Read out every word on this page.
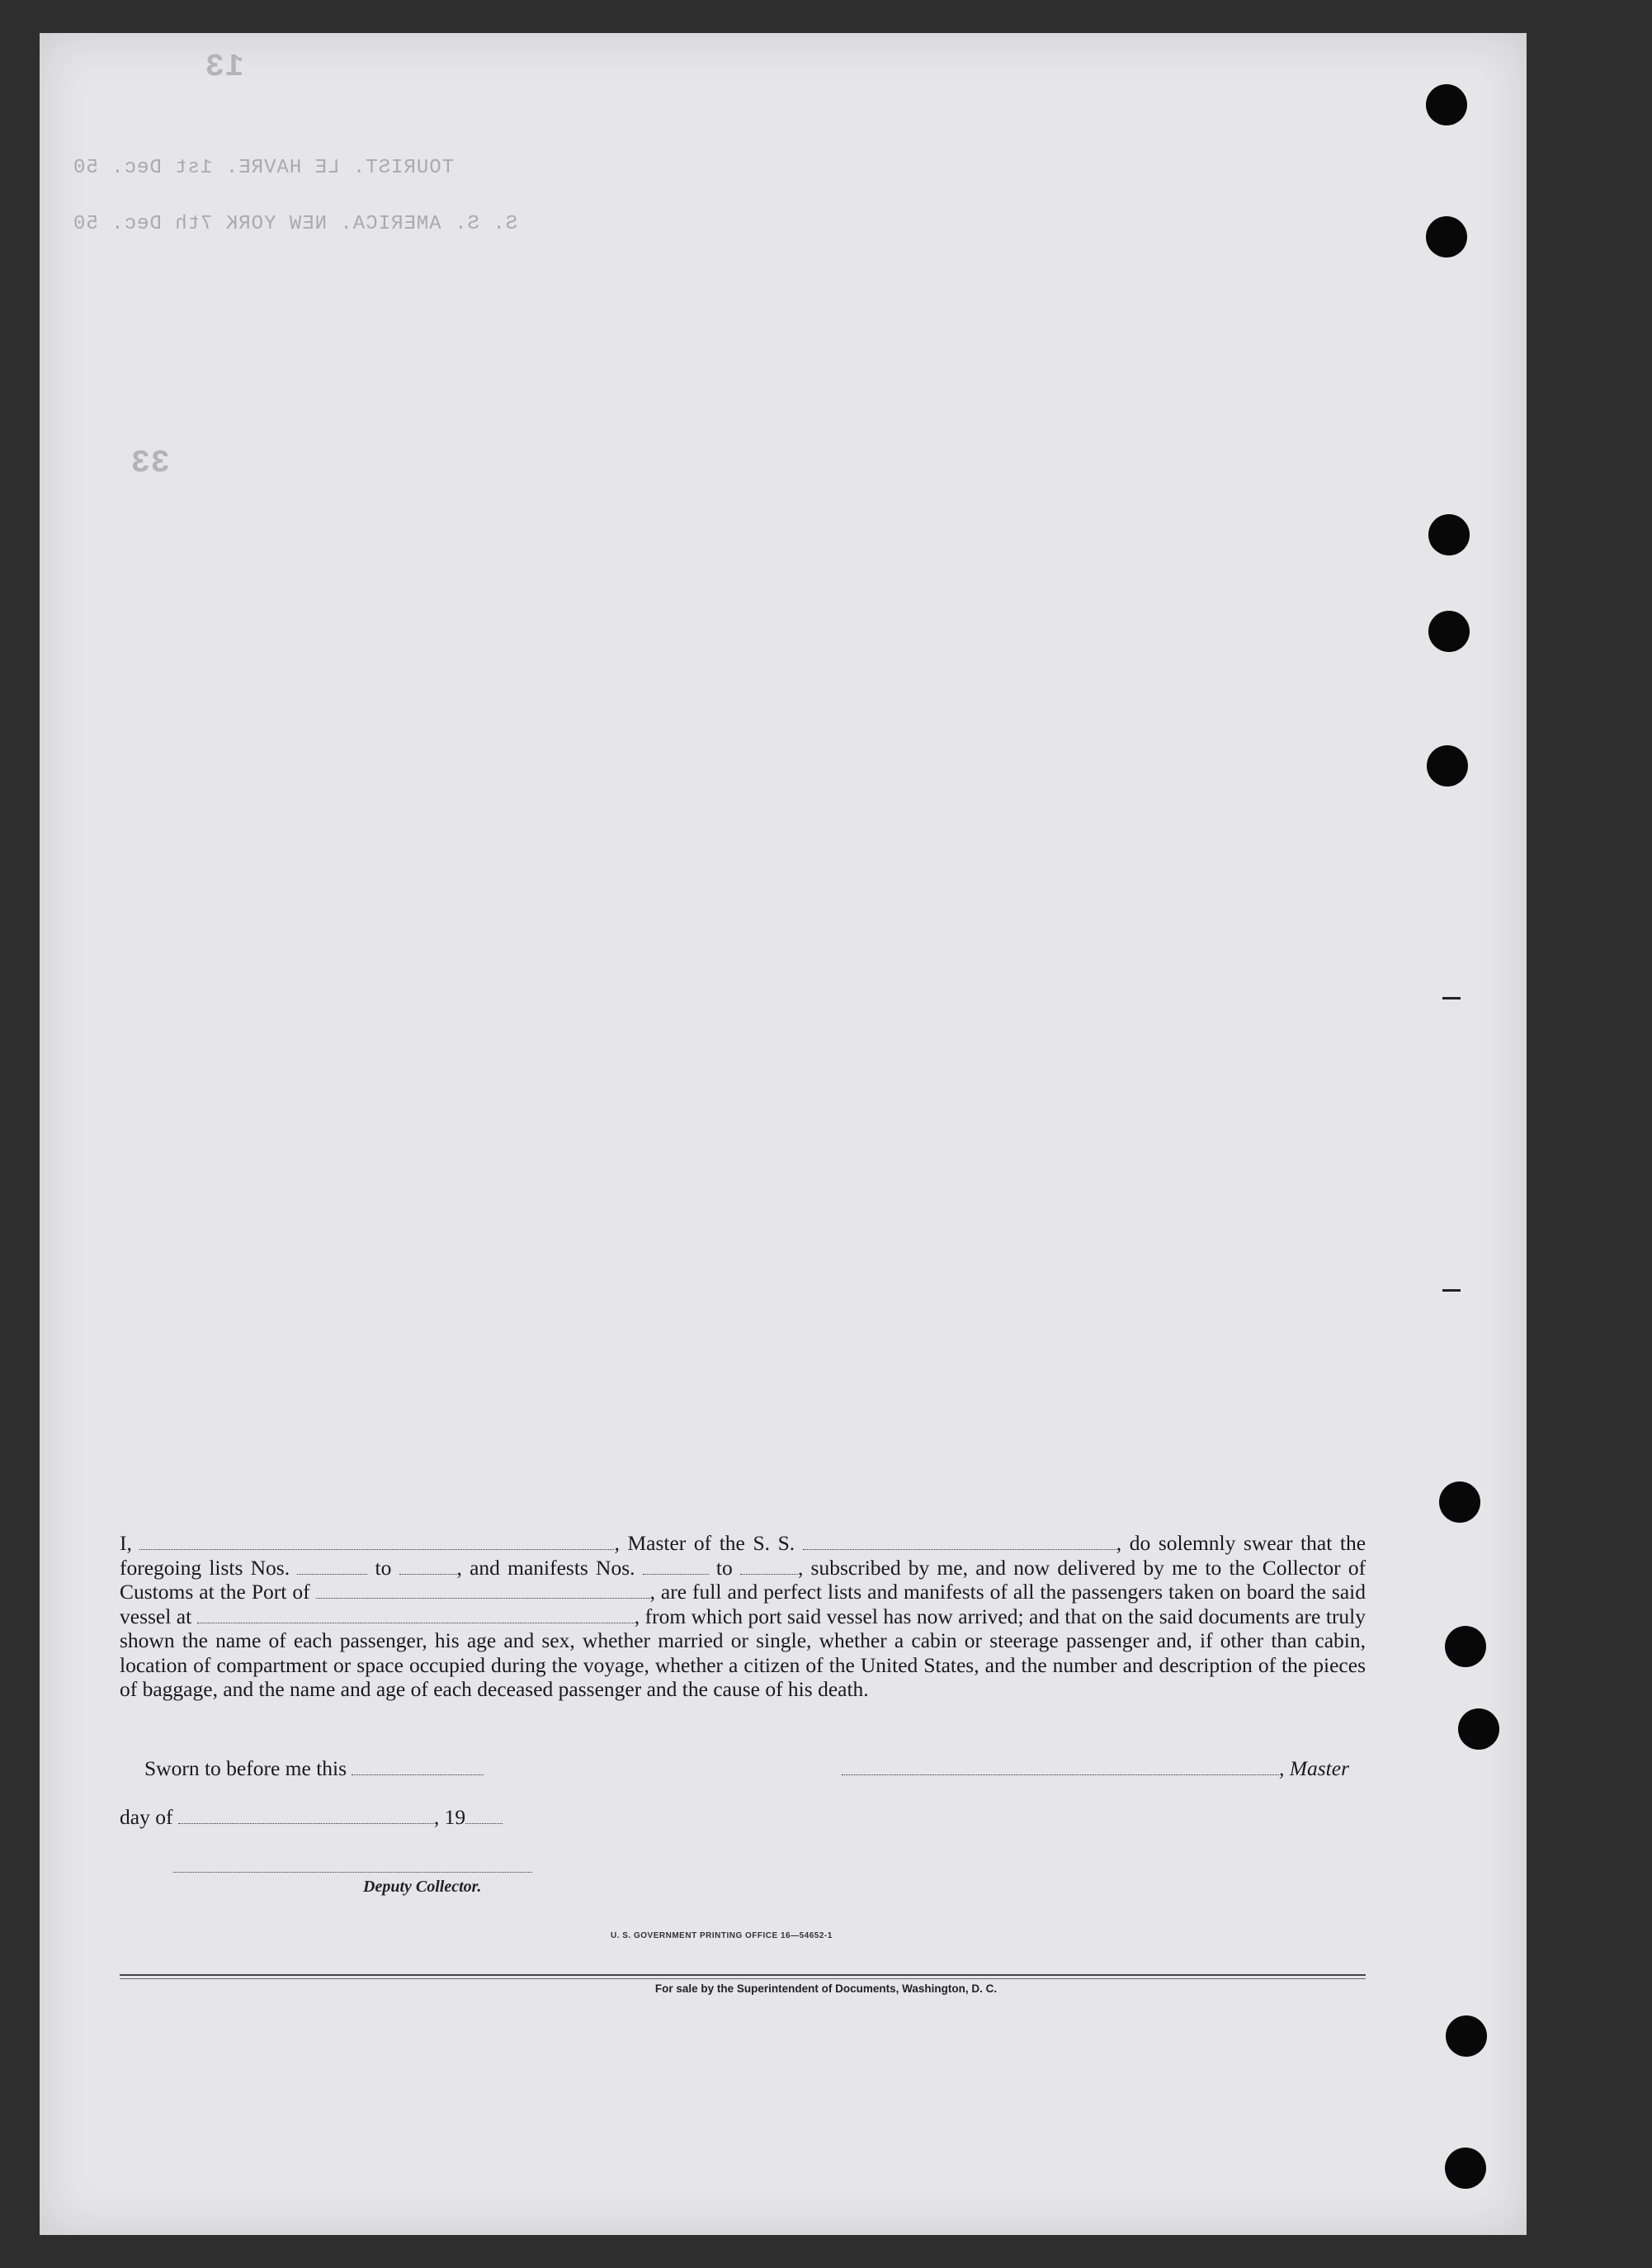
13
TOURIST. LE HAVRE. 1st Dec. 50
S. S. AMERICA. NEW YORK 7th Dec. 50
33
I,	, Master of the S. S.	, do solemnly swear that the foregoing lists Nos.	to	, and manifests Nos.	to	, subscribed by me, and now delivered by me to the Collector of Customs at the Port of	, are full and perfect lists and manifests of all the passengers taken on board the said vessel at	, from which port said vessel has now arrived; and that on the said documents are truly shown the name of each passenger, his age and sex, whether married or single, whether a cabin or steerage passenger and, if other than cabin, location of compartment or space occupied during the voyage, whether a citizen of the United States, and the number and description of the pieces of baggage, and the name and age of each deceased passenger and the cause of his death.
Sworn to before me this	, Master
day of	, 19
Deputy Collector.
U. S. GOVERNMENT PRINTING OFFICE 16—54652-1
For sale by the Superintendent of Documents, Washington, D. C.
